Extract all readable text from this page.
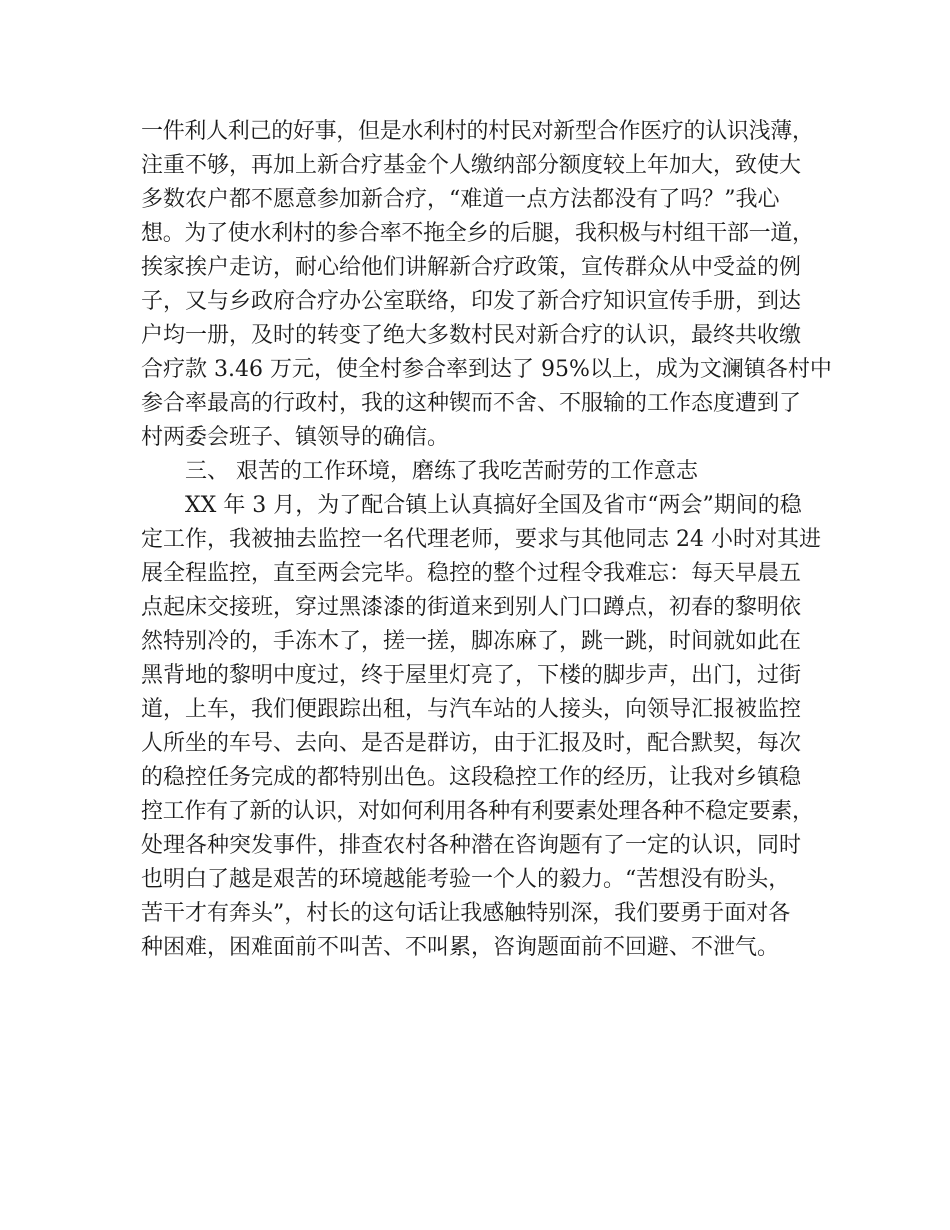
一件利人利己的好事，但是水利村的村民对新型合作医疗的认识浅薄，
注重不够，再加上新合疗基金个人缴纳部分额度较上年加大，致使大
多数农户都不愿意参加新合疗，“难道一点方法都没有了吗？”我心
想。为了使水利村的参合率不拖全乡的后腿，我积极与村组干部一道，
挨家挨户走访，耐心给他们讲解新合疗政策，宣传群众从中受益的例
子，又与乡政府合疗办公室联络，印发了新合疗知识宣传手册，到达
户均一册，及时的转变了绝大多数村民对新合疗的认识，最终共收缴
合疗款 3.46 万元，使全村参合率到达了 95%以上，成为文澜镇各村中
参合率最高的行政村，我的这种锲而不舍、不服输的工作态度遭到了
村两委会班子、镇领导的确信。
三、 艰苦的工作环境，磨练了我吃苦耐劳的工作意志
XX 年 3 月，为了配合镇上认真搞好全国及省市“两会”期间的稳
定工作，我被抽去监控一名代理老师，要求与其他同志 24 小时对其进
展全程监控，直至两会完毕。稳控的整个过程令我难忘：每天早晨五
点起床交接班，穿过黑漆漆的街道来到别人门口蹲点，初春的黎明依
然特别冷的，手冻木了，搓一搓，脚冻麻了，跳一跳，时间就如此在
黑背地的黎明中度过，终于屋里灯亮了，下楼的脚步声，出门，过街
道，上车，我们便跟踪出租，与汽车站的人接头，向领导汇报被监控
人所坐的车号、去向、是否是群访，由于汇报及时，配合默契，每次
的稳控任务完成的都特别出色。这段稳控工作的经历，让我对乡镇稳
控工作有了新的认识，对如何利用各种有利要素处理各种不稳定要素，
处理各种突发事件，排查农村各种潜在咨询题有了一定的认识，同时
也明白了越是艰苦的环境越能考验一个人的毅力。“苦想没有盼头，
苦干才有奔头”，村长的这句话让我感触特别深，我们要勇于面对各
种困难，困难面前不叫苦、不叫累，咨询题面前不回避、不泄气。
